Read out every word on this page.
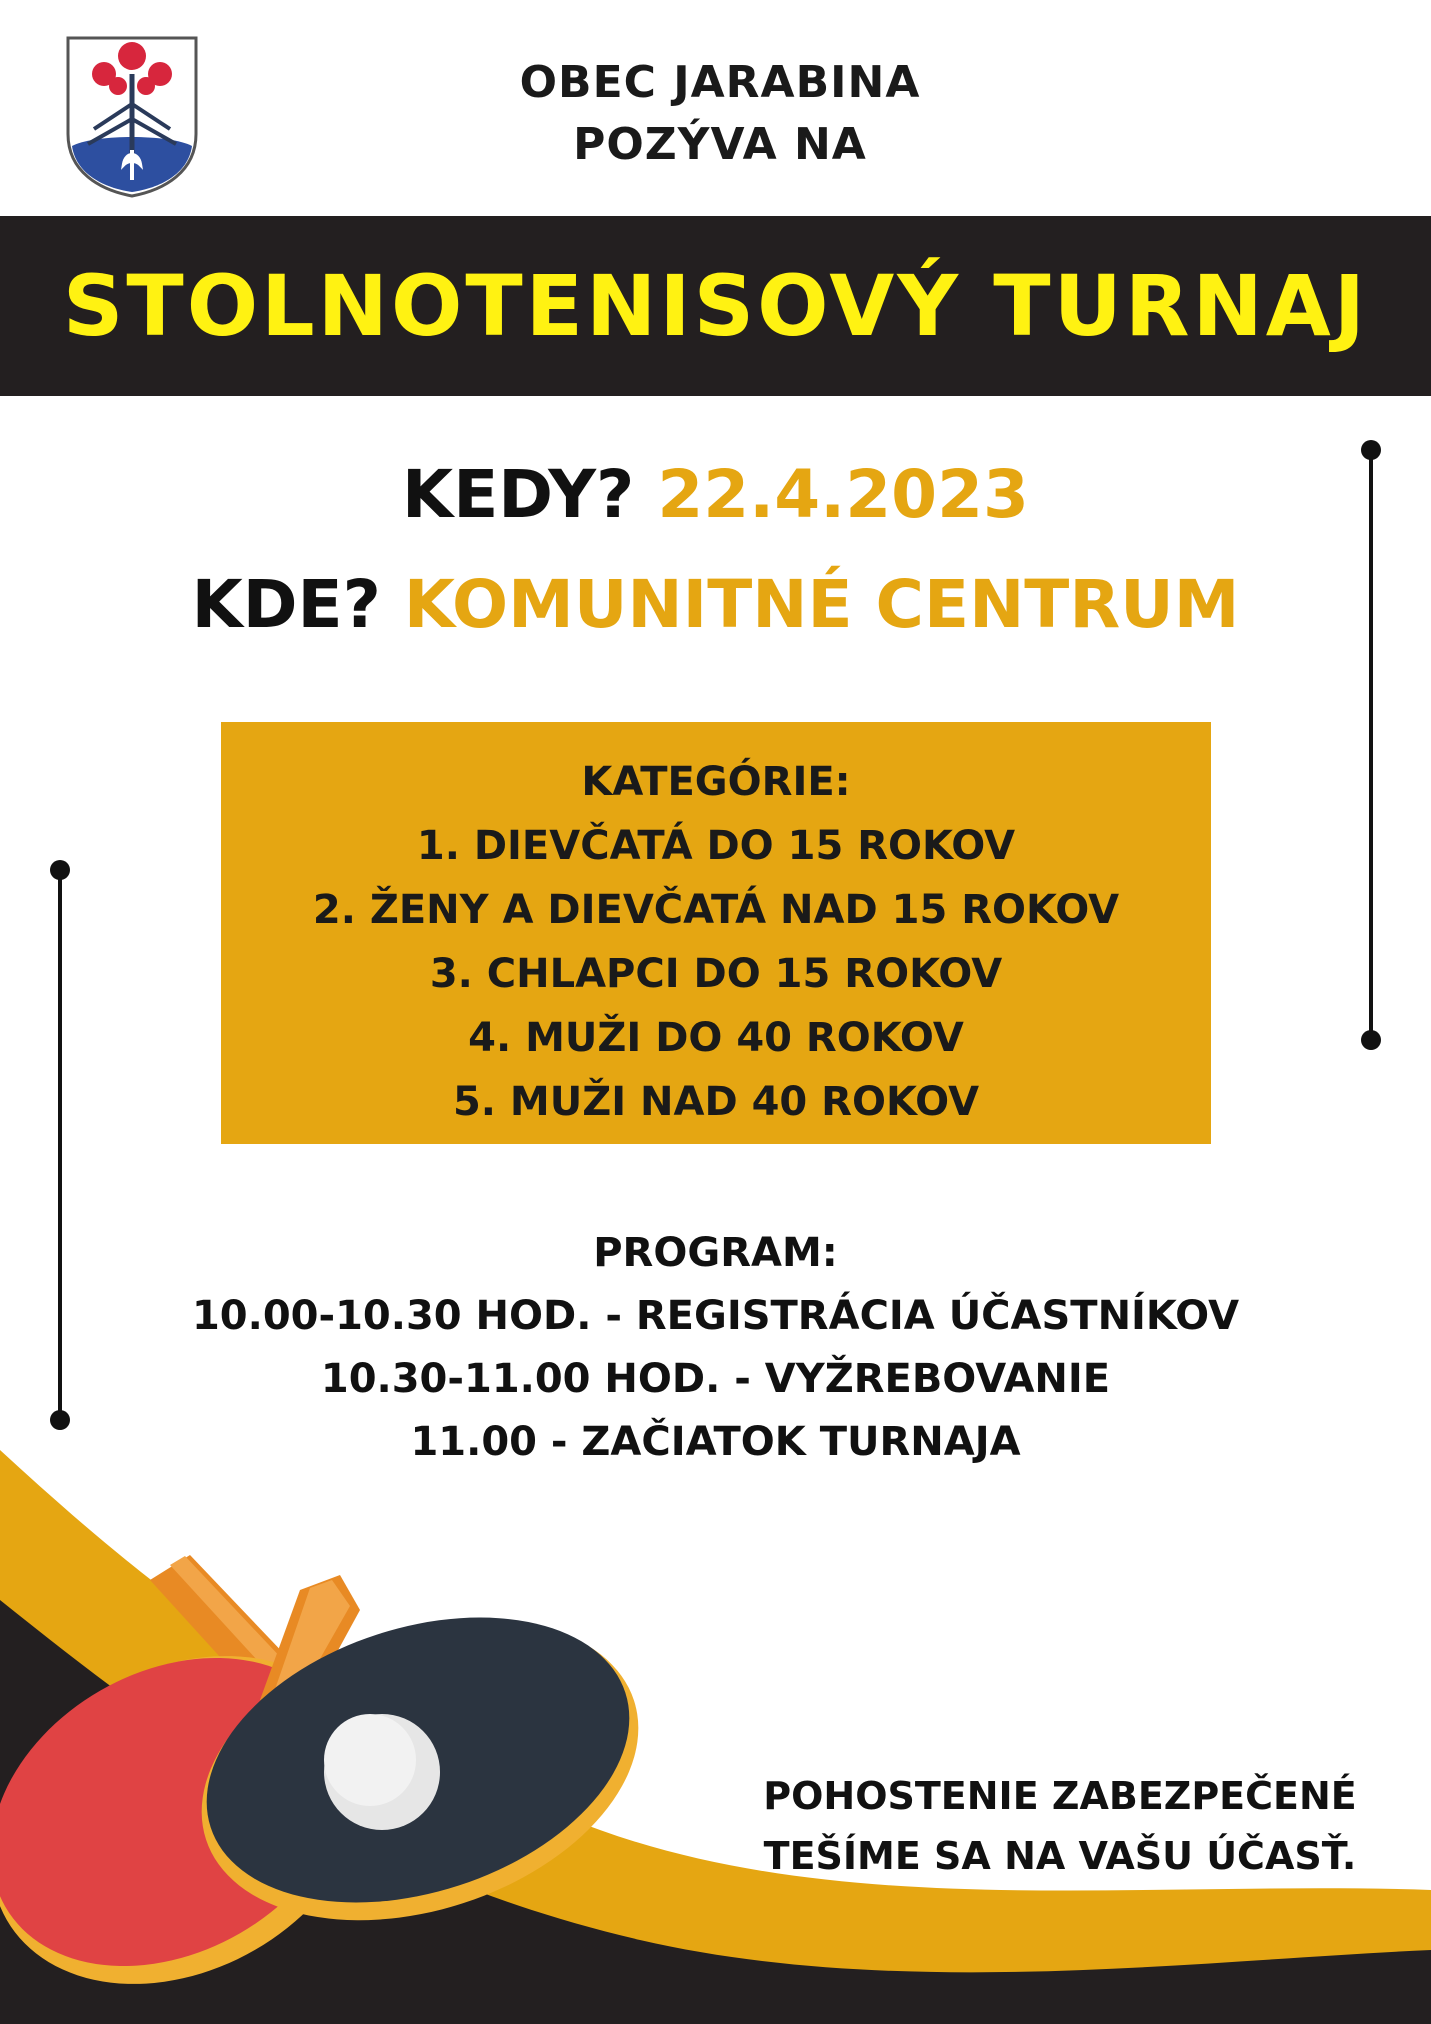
OBEC JARABINA
POZÝVA NA
STOLNOTENISOVÝ TURNAJ
KEDY? 22.4.2023
KDE? KOMUNITNÉ CENTRUM
KATEGÓRIE:
1. DIEVČATÁ DO 15 ROKOV
2. ŽENY A DIEVČATÁ NAD 15 ROKOV
3. CHLAPCI DO 15 ROKOV
4. MUŽI DO 40 ROKOV
5. MUŽI NAD 40 ROKOV
PROGRAM:
10.00-10.30 HOD. - REGISTRÁCIA ÚČASTNÍKOV
10.30-11.00 HOD. - VYŽREBOVANIE
11.00 - ZAČIATOK TURNAJA
POHOSTENIE ZABEZPEČENÉ
TEŠÍME SA NA VAŠU ÚČASŤ.
